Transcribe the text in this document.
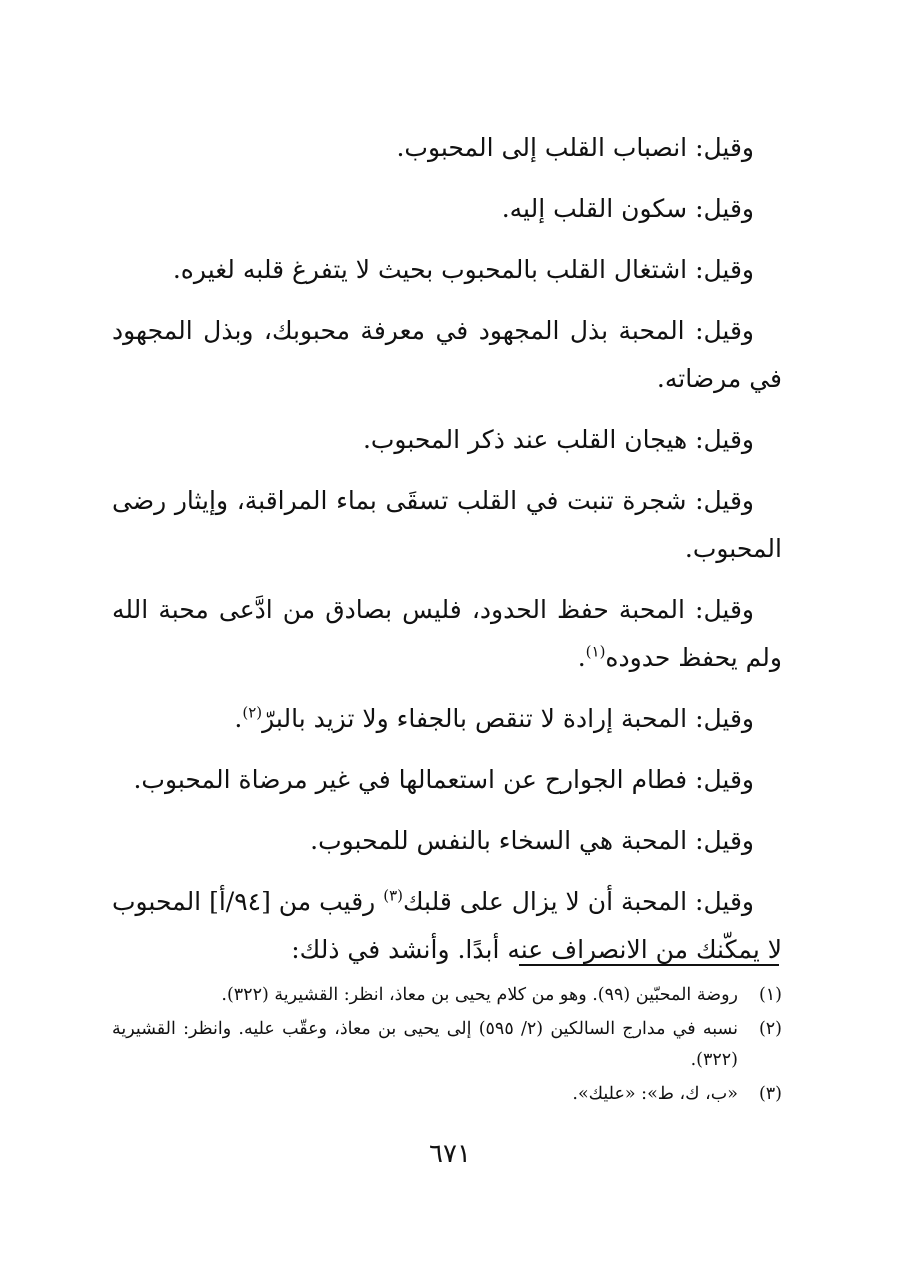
وقيل: انصباب القلب إلى المحبوب.

وقيل: سكون القلب إليه.

وقيل: اشتغال القلب بالمحبوب بحيث لا يتفرغ قلبه لغيره.

وقيل: المحبة بذل المجهود في معرفة محبوبك، وبذل المجهود في مرضاته.

وقيل: هيجان القلب عند ذكر المحبوب.

وقيل: شجرة تنبت في القلب تسقَى بماء المراقبة، وإيثار رضى المحبوب.

وقيل: المحبة حفظ الحدود، فليس بصادق من ادَّعى محبة الله ولم يحفظ حدوده$^{(١)}$.

وقيل: المحبة إرادة لا تنقص بالجفاء ولا تزيد بالبرّ$^{(٢)}$.

وقيل: فطام الجوارح عن استعمالها في غير مرضاة المحبوب.

وقيل: المحبة هي السخاء بالنفس للمحبوب.

وقيل: المحبة أن لا يزال على قلبك$^{(٣)}$ رقيب من [٩٤/أ] المحبوب لا يمكّنك من الانصراف عنه أبدًا. وأنشد في ذلك:

(١)
روضة المحبّين (٩٩). وهو من كلام يحيى بن معاذ، انظر: القشيرية (٣٢٢).
(٢)
نسبه في مدارج السالكين (٢/ ٥٩٥) إلى يحيى بن معاذ، وعقّب عليه. وانظر: القشيرية (٣٢٢).
(٣)
«ب، ك، ط»: «عليك».
٦٧١
